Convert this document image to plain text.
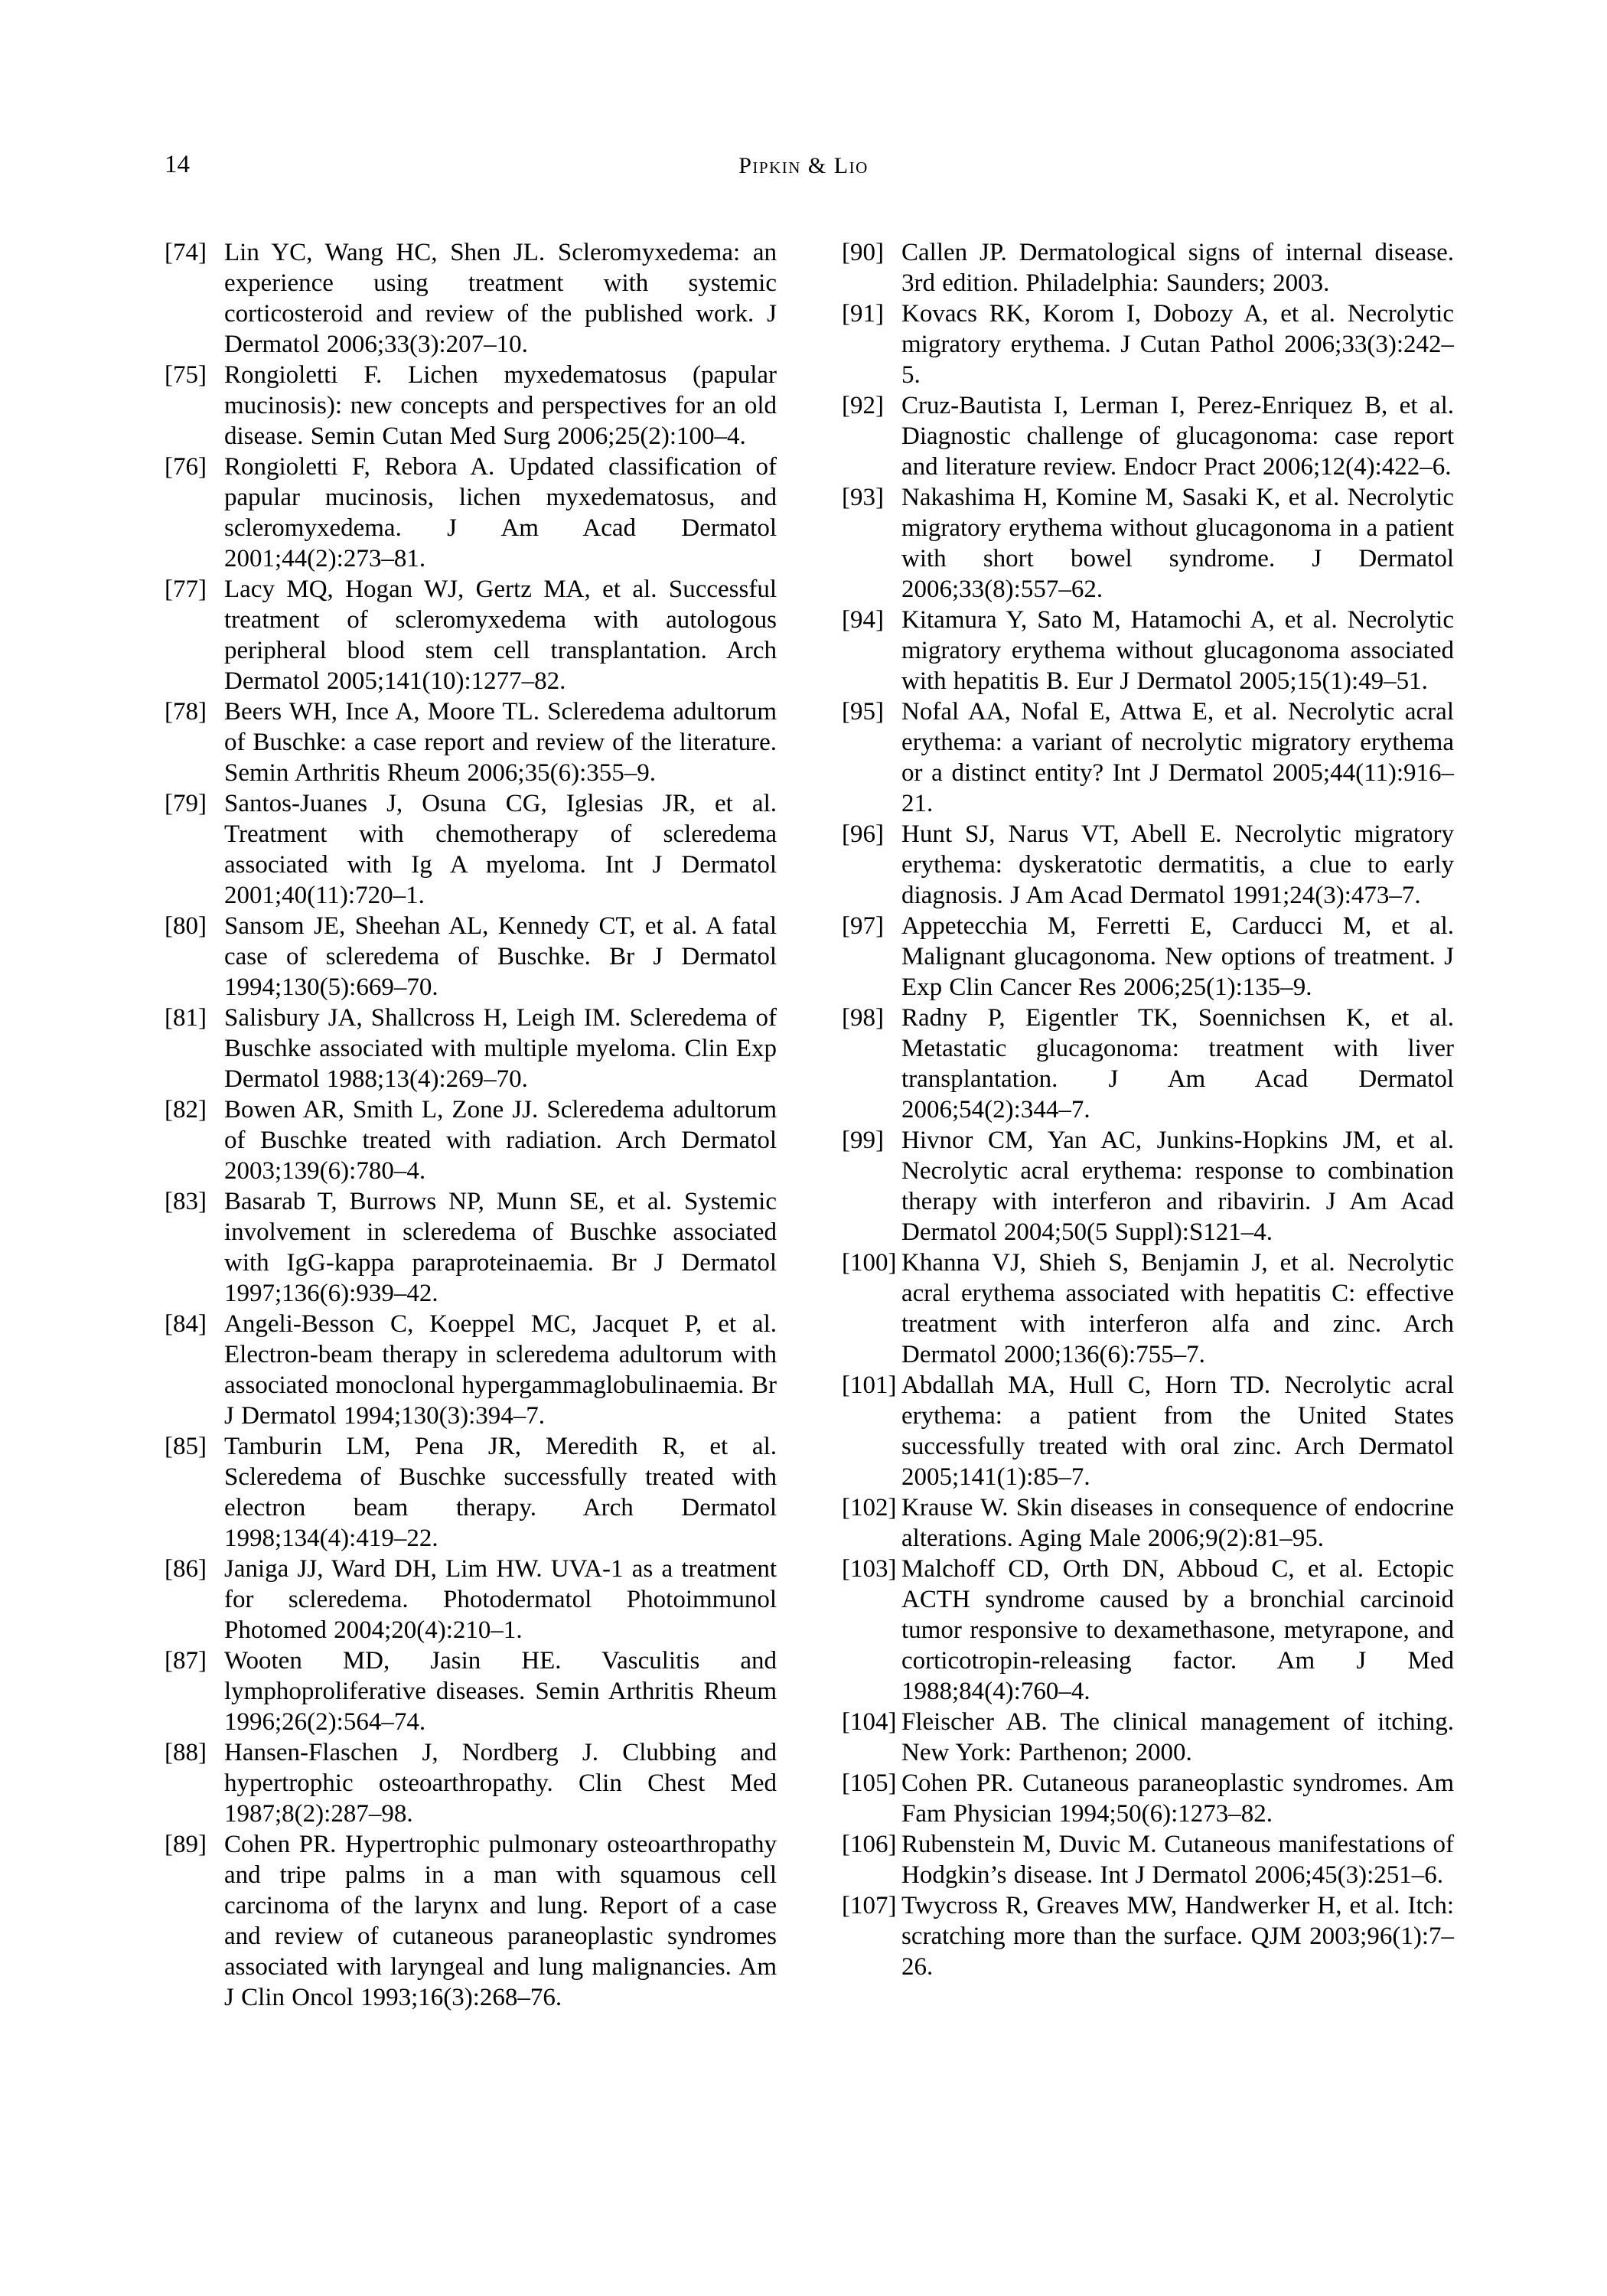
14	Pipkin & Lio
[74] Lin YC, Wang HC, Shen JL. Scleromyxedema: an experience using treatment with systemic corticosteroid and review of the published work. J Dermatol 2006;33(3):207–10.
[75] Rongioletti F. Lichen myxedematosus (papular mucinosis): new concepts and perspectives for an old disease. Semin Cutan Med Surg 2006;25(2):100–4.
[76] Rongioletti F, Rebora A. Updated classification of papular mucinosis, lichen myxedematosus, and scleromyxedema. J Am Acad Dermatol 2001;44(2):273–81.
[77] Lacy MQ, Hogan WJ, Gertz MA, et al. Successful treatment of scleromyxedema with autologous peripheral blood stem cell transplantation. Arch Dermatol 2005;141(10):1277–82.
[78] Beers WH, Ince A, Moore TL. Scleredema adultorum of Buschke: a case report and review of the literature. Semin Arthritis Rheum 2006;35(6):355–9.
[79] Santos-Juanes J, Osuna CG, Iglesias JR, et al. Treatment with chemotherapy of scleredema associated with Ig A myeloma. Int J Dermatol 2001;40(11):720–1.
[80] Sansom JE, Sheehan AL, Kennedy CT, et al. A fatal case of scleredema of Buschke. Br J Dermatol 1994;130(5):669–70.
[81] Salisbury JA, Shallcross H, Leigh IM. Scleredema of Buschke associated with multiple myeloma. Clin Exp Dermatol 1988;13(4):269–70.
[82] Bowen AR, Smith L, Zone JJ. Scleredema adultorum of Buschke treated with radiation. Arch Dermatol 2003;139(6):780–4.
[83] Basarab T, Burrows NP, Munn SE, et al. Systemic involvement in scleredema of Buschke associated with IgG-kappa paraproteinaemia. Br J Dermatol 1997;136(6):939–42.
[84] Angeli-Besson C, Koeppel MC, Jacquet P, et al. Electron-beam therapy in scleredema adultorum with associated monoclonal hypergammaglobulinaemia. Br J Dermatol 1994;130(3):394–7.
[85] Tamburin LM, Pena JR, Meredith R, et al. Scleredema of Buschke successfully treated with electron beam therapy. Arch Dermatol 1998;134(4):419–22.
[86] Janiga JJ, Ward DH, Lim HW. UVA-1 as a treatment for scleredema. Photodermatol Photoimmunol Photomed 2004;20(4):210–1.
[87] Wooten MD, Jasin HE. Vasculitis and lymphoproliferative diseases. Semin Arthritis Rheum 1996;26(2):564–74.
[88] Hansen-Flaschen J, Nordberg J. Clubbing and hypertrophic osteoarthropathy. Clin Chest Med 1987;8(2):287–98.
[89] Cohen PR. Hypertrophic pulmonary osteoarthropathy and tripe palms in a man with squamous cell carcinoma of the larynx and lung. Report of a case and review of cutaneous paraneoplastic syndromes associated with laryngeal and lung malignancies. Am J Clin Oncol 1993;16(3):268–76.
[90] Callen JP. Dermatological signs of internal disease. 3rd edition. Philadelphia: Saunders; 2003.
[91] Kovacs RK, Korom I, Dobozy A, et al. Necrolytic migratory erythema. J Cutan Pathol 2006;33(3):242–5.
[92] Cruz-Bautista I, Lerman I, Perez-Enriquez B, et al. Diagnostic challenge of glucagonoma: case report and literature review. Endocr Pract 2006;12(4):422–6.
[93] Nakashima H, Komine M, Sasaki K, et al. Necrolytic migratory erythema without glucagonoma in a patient with short bowel syndrome. J Dermatol 2006;33(8):557–62.
[94] Kitamura Y, Sato M, Hatamochi A, et al. Necrolytic migratory erythema without glucagonoma associated with hepatitis B. Eur J Dermatol 2005;15(1):49–51.
[95] Nofal AA, Nofal E, Attwa E, et al. Necrolytic acral erythema: a variant of necrolytic migratory erythema or a distinct entity? Int J Dermatol 2005;44(11):916–21.
[96] Hunt SJ, Narus VT, Abell E. Necrolytic migratory erythema: dyskeratotic dermatitis, a clue to early diagnosis. J Am Acad Dermatol 1991;24(3):473–7.
[97] Appetecchia M, Ferretti E, Carducci M, et al. Malignant glucagonoma. New options of treatment. J Exp Clin Cancer Res 2006;25(1):135–9.
[98] Radny P, Eigentler TK, Soennichsen K, et al. Metastatic glucagonoma: treatment with liver transplantation. J Am Acad Dermatol 2006;54(2):344–7.
[99] Hivnor CM, Yan AC, Junkins-Hopkins JM, et al. Necrolytic acral erythema: response to combination therapy with interferon and ribavirin. J Am Acad Dermatol 2004;50(5 Suppl):S121–4.
[100] Khanna VJ, Shieh S, Benjamin J, et al. Necrolytic acral erythema associated with hepatitis C: effective treatment with interferon alfa and zinc. Arch Dermatol 2000;136(6):755–7.
[101] Abdallah MA, Hull C, Horn TD. Necrolytic acral erythema: a patient from the United States successfully treated with oral zinc. Arch Dermatol 2005;141(1):85–7.
[102] Krause W. Skin diseases in consequence of endocrine alterations. Aging Male 2006;9(2):81–95.
[103] Malchoff CD, Orth DN, Abboud C, et al. Ectopic ACTH syndrome caused by a bronchial carcinoid tumor responsive to dexamethasone, metyrapone, and corticotropin-releasing factor. Am J Med 1988;84(4):760–4.
[104] Fleischer AB. The clinical management of itching. New York: Parthenon; 2000.
[105] Cohen PR. Cutaneous paraneoplastic syndromes. Am Fam Physician 1994;50(6):1273–82.
[106] Rubenstein M, Duvic M. Cutaneous manifestations of Hodgkin’s disease. Int J Dermatol 2006;45(3):251–6.
[107] Twycross R, Greaves MW, Handwerker H, et al. Itch: scratching more than the surface. QJM 2003;96(1):7–26.
